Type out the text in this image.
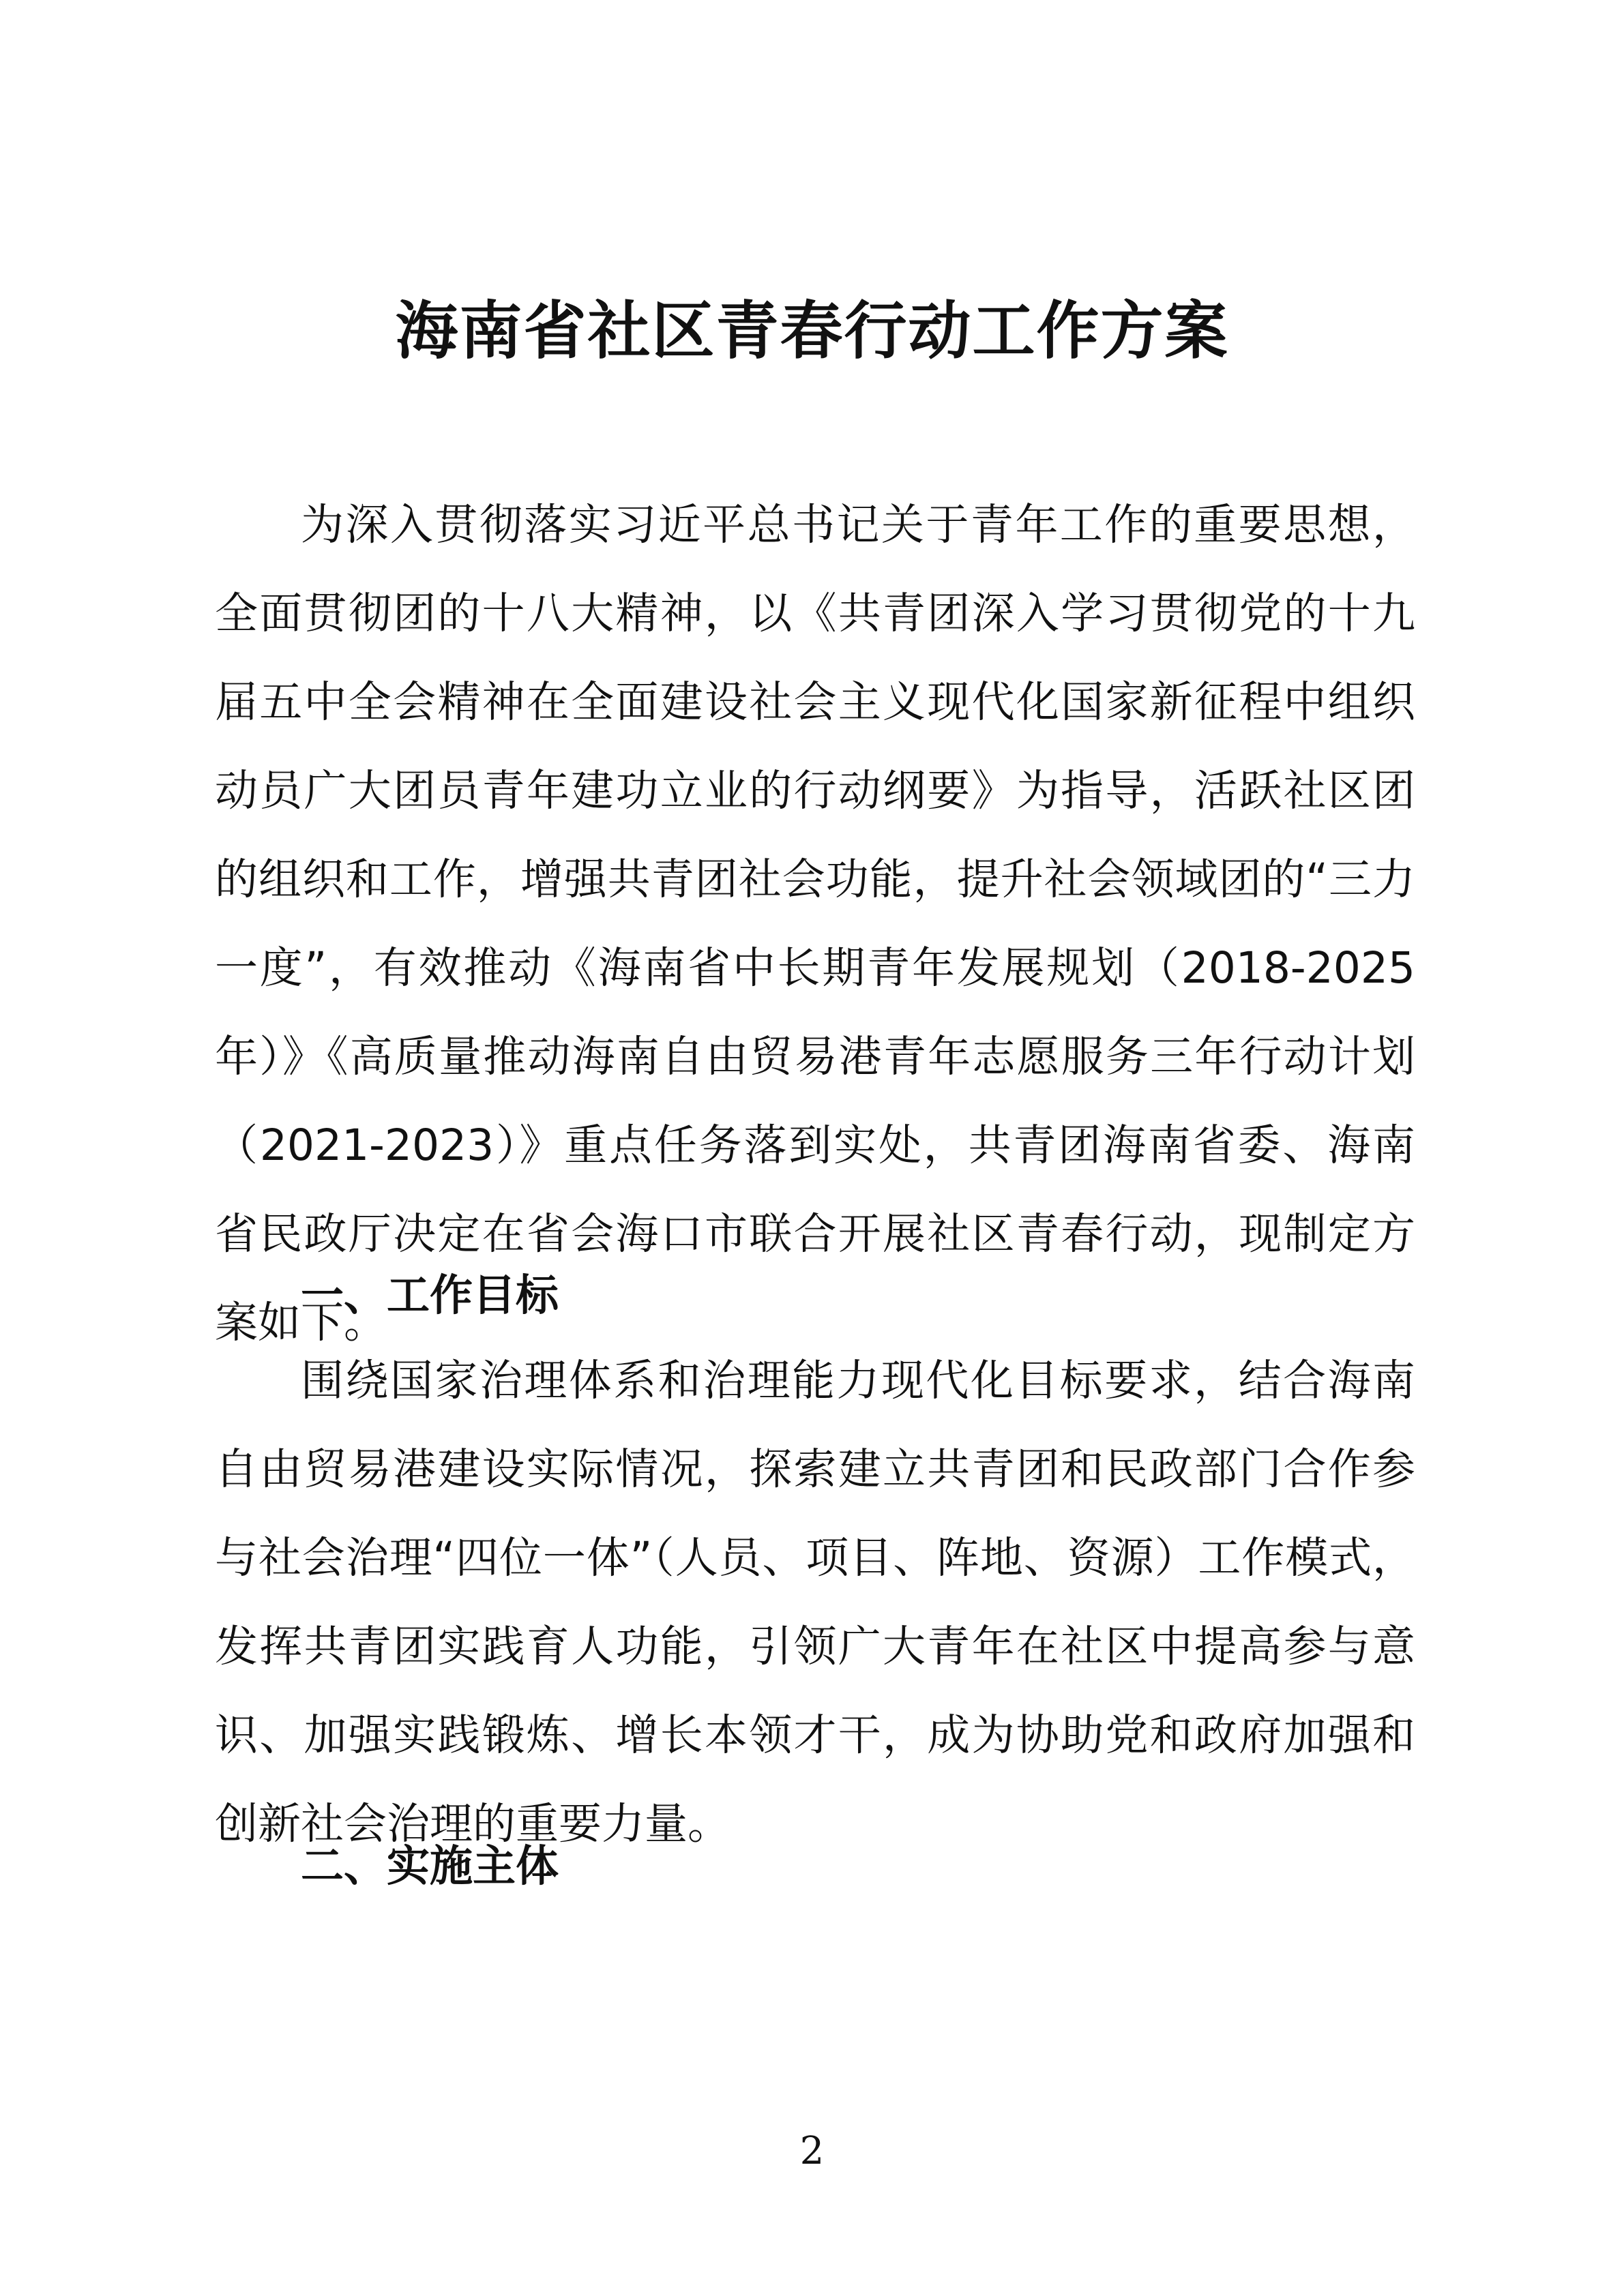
海南省社区青春行动工作方案

为深入贯彻落实习近平总书记关于青年工作的重要思想，全面贯彻团的十八大精神，以《共青团深入学习贯彻党的十九届五中全会精神在全面建设社会主义现代化国家新征程中组织动员广大团员青年建功立业的行动纲要》为指导，活跃社区团的组织和工作，增强共青团社会功能，提升社会领域团的“三力一度”，有效推动《海南省中长期青年发展规划（2018-2025 年）》《高质量推动海南自由贸易港青年志愿服务三年行动计划（2021-2023）》重点任务落到实处，共青团海南省委、海南省民政厅决定在省会海口市联合开展社区青春行动，现制定方案如下。

一、工作目标

围绕国家治理体系和治理能力现代化目标要求，结合海南自由贸易港建设实际情况，探索建立共青团和民政部门合作参与社会治理“四位一体”（人员、项目、阵地、资源）工作模式，发挥共青团实践育人功能，引领广大青年在社区中提高参与意识、加强实践锻炼、增长本领才干，成为协助党和政府加强和创新社会治理的重要力量。

二、实施主体
2
